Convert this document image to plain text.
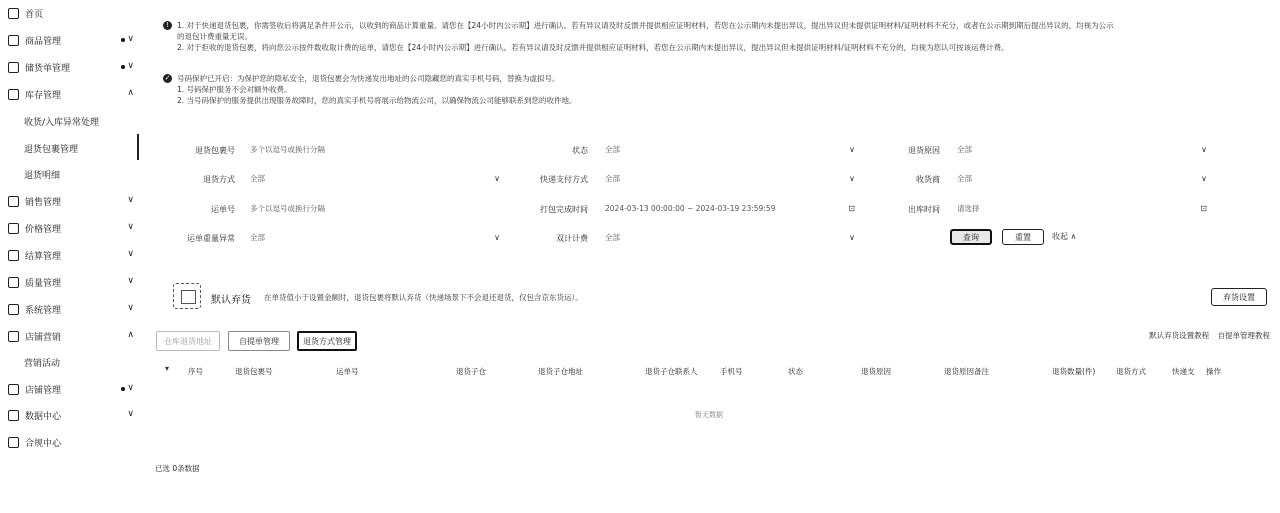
首页
商品管理	∨
储货单管理	∨
库存管理	∧
收货/入库异常处理
退货包裹管理
退货明细
销售管理	∨
价格管理	∨
结算管理	∨
质量管理	∨
系统管理	∨
店铺营销	∧
营销活动
店铺管理	∨
数据中心	∨
合规中心
!	1. 对于快递退货包裹，你需签收后将满足条件开公示，以收到的商品计算重量。请您在【24小时内公示期】进行确认。若有异议请及时反馈并提供相应证明材料，若您在公示期内未提出异议，提出异议但未提供证明材料/证明材料不充分，或者在公示期到期后提出异议的，均视为公示
的退包计费重量无误。
2. 对于拒收的退货包裹，将向您公示按件数收取计费的运单，请您在【24小时内公示期】进行确认。若有异议请及时反馈并提供相应证明材料，若您在公示期内未提出异议，提出异议但未提供证明材料/证明材料不充分的，均视为您认可按该运费计费。
✓ 号码保护已开启：为保护您的隐私安全，退货包裹会为快递发出地址的公司隐藏您的真实手机号码，替换为虚拟号。
1. 号码保护服务不会对额外收费。
2. 当号码保护的服务提供出现服务故障时，您的真实手机号将展示给物流公司，以确保物流公司能够联系到您的收件地。
退货包裹号 多个以逗号或换行分隔	状态 全部	∨	退货原因 全部	∨
退货方式 全部	∨	快递支付方式 全部	∨	收货商 全部	∨
运单号 多个以逗号或换行分隔	打包完成时间 2024-03-13 00:00:00 ~ 2024-03-19 23:59:59	⊡	出库时间 请选择	⊡
运单重量异常 全部	∨	双计计费 全部	∨	查询	重置	收起 ∧
默认弃货 在单货值小于设置金额时，退货包裹将默认弃货（快递场景下不会退还退货，仅包含京东货运）。	弃货设置
仓库退货地址	自提单管理	退货方式管理
默认弃货设置教程 自提单管理教程
▾	序号	退货包裹号	运单号	退货子仓	退货子仓地址	退货子仓联系人	手机号	状态	退货原因	退货原因备注	退货数量(件)	退货方式	快递支 操作
暂无数据
已选 0条数据
